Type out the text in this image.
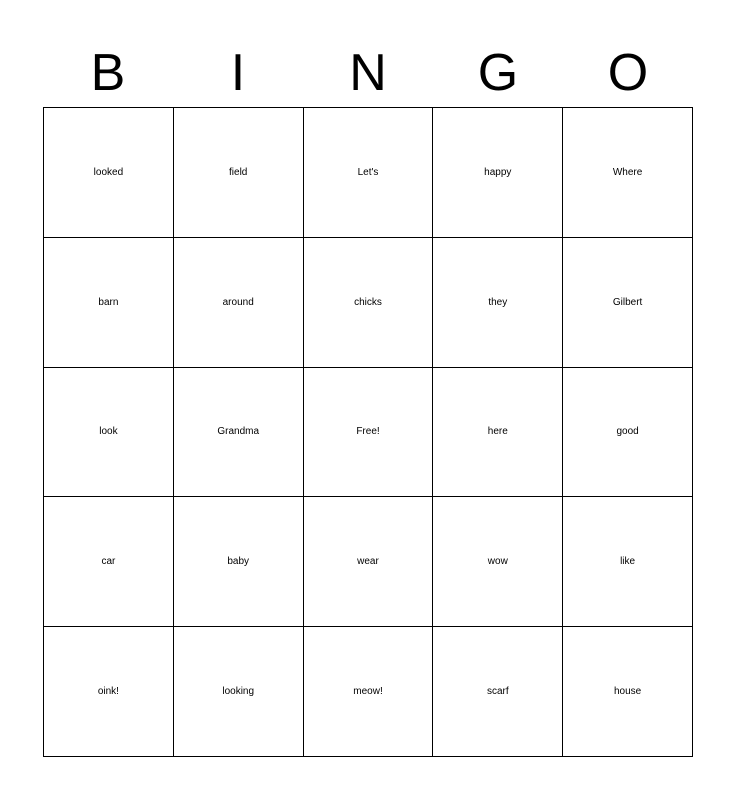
B	I	N	G	O
looked	field	Let's	happy	Where
barn	around	chicks	they	Gilbert
look	Grandma	Free!	here	good
car	baby	wear	wow	like
oink!	looking	meow!	scarf	house
